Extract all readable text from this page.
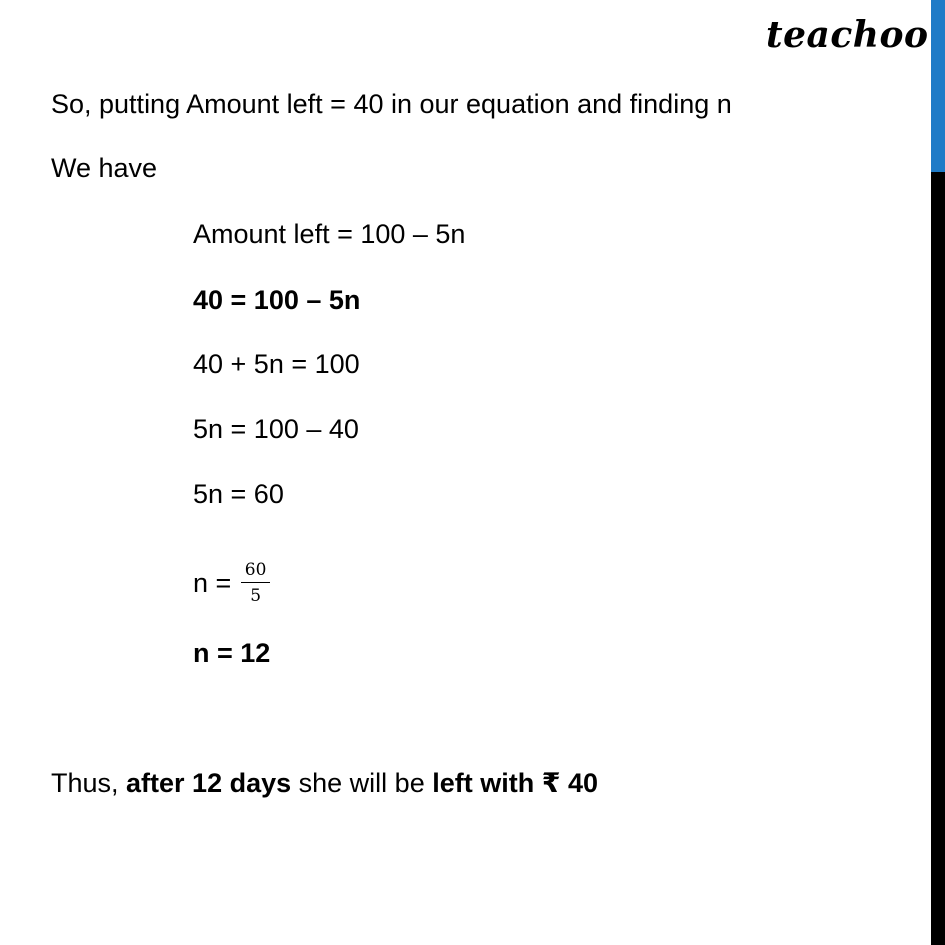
teachoo
So, putting Amount left = 40 in our equation and finding n
We have
Amount left = 100 – 5n
40 = 100 – 5n
40 + 5n = 100
5n = 100 – 40
5n = 60
$n = \frac{60}{5}$
n = 12
Thus, after 12 days she will be left with ₹ 40
